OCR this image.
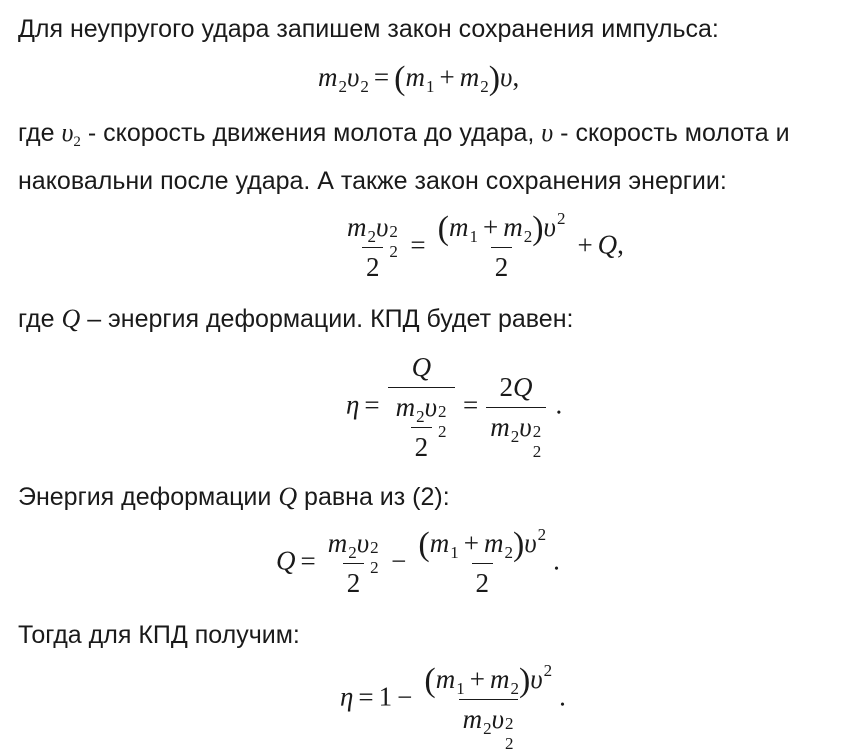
Для неупругого удара запишем закон сохранения импульса:

$m_2\upsilon_2 = (m_1 + m_2)\upsilon$,

где υ2 - скорость движения молота до удара, υ - скорость молота и

наковальни после удара. А также закон сохранения энергии:

$m_2\upsilon$ 2
2
$2 = \frac{(m_1 + m_2)\upsilon^2}{2} + Q$,

где Q – энергия деформации. КПД будет равен:

η = Q
$m_2\upsilon$ 2
2
2 = 2Q
$m_2\upsilon$ 2
2 .

Энергия деформации Q равна из (2):

$Q = m_2\upsilon$ 2
2
$2 - \frac{(m_1 + m_2)\upsilon^2}{2}$ .

Тогда для КПД получим:

$\eta = 1 - (m_1 + m_2)\upsilon^2$
$m_2\upsilon$ 2
2 .
